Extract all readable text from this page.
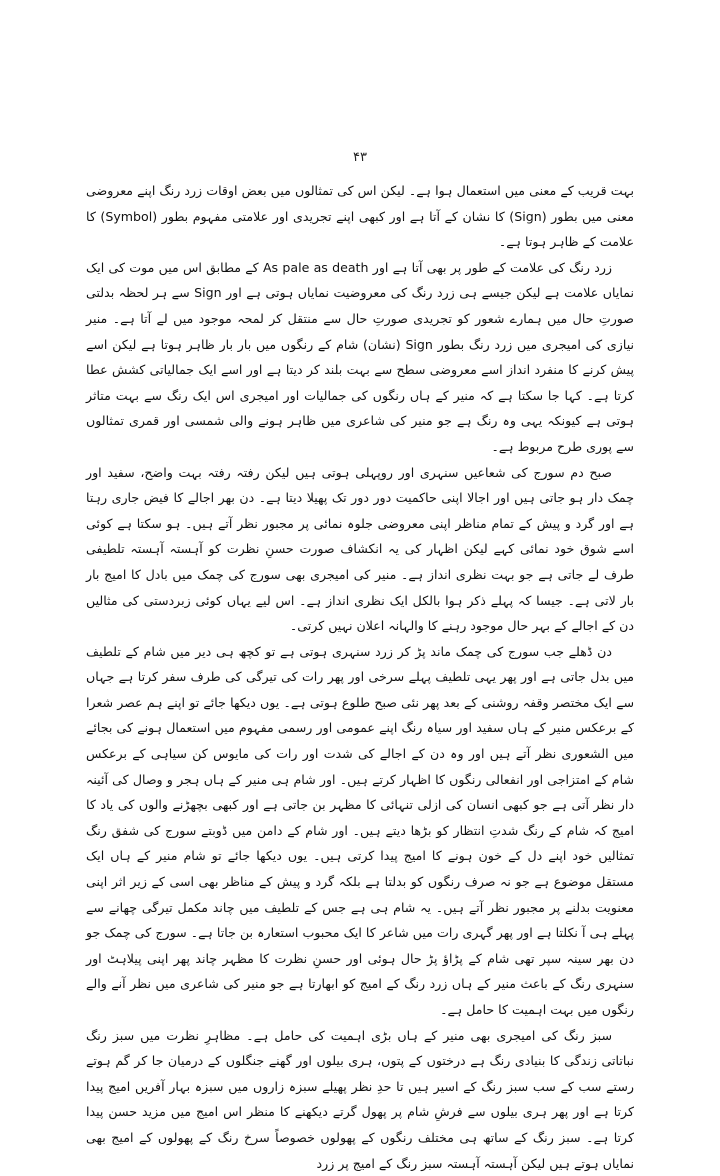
۴۳

بہت قریب کے معنی میں استعمال ہوا ہے۔ لیکن اس کی تمثالوں میں بعض اوقات زرد رنگ اپنے معروضی معنی میں بطور (Sign) کا نشان کے آتا ہے اور کبھی اپنے تجریدی اور علامتی مفہوم بطور (Symbol) کا علامت کے ظاہر ہوتا ہے۔

زرد رنگ کی علامت کے طور پر بھی آتا ہے اور As pale as death کے مطابق اس میں موت کی ایک نمایاں علامت ہے لیکن جیسے ہی زرد رنگ کی معروضیت نمایاں ہوتی ہے اور Sign سے ہر لحظہ بدلتی صورتِ حال میں ہمارے شعور کو تجریدی صورتِ حال سے منتقل کر لمحہ موجود میں لے آتا ہے۔ منیر نیازی کی امیجری میں زرد رنگ بطور Sign (نشان) شام کے رنگوں میں بار بار ظاہر ہوتا ہے لیکن اسے پیش کرنے کا منفرد انداز اسے معروضی سطح سے بہت بلند کر دیتا ہے اور اسے ایک جمالیاتی کشش عطا کرتا ہے۔ کہا جا سکتا ہے کہ منیر کے ہاں رنگوں کی جمالیات اور امیجری اس ایک رنگ سے بہت متاثر ہوتی ہے کیونکہ یہی وہ رنگ ہے جو منیر کی شاعری میں ظاہر ہونے والی شمسی اور قمری تمثالوں سے پوری طرح مربوط ہے۔

صبح دم سورج کی شعاعیں سنہری اور روپہلی ہوتی ہیں لیکن رفتہ رفتہ بہت واضح، سفید اور چمک دار ہو جاتی ہیں اور اجالا اپنی حاکمیت دور دور تک پھیلا دیتا ہے۔ دن بھر اجالے کا فیض جاری رہتا ہے اور گرد و پیش کے تمام مناظر اپنی معروضی جلوہ نمائی پر مجبور نظر آتے ہیں۔ ہو سکتا ہے کوئی اسے شوق خود نمائی کہے لیکن اظہار کی یہ انکشاف صورت حسنِ نظرت کو آہستہ آہستہ تلطیفی طرف لے جاتی ہے جو بہت نظری انداز ہے۔ منیر کی امیجری بھی سورج کی چمک میں بادل کا امیج بار بار لاتی ہے۔ جیسا کہ پہلے ذکر ہوا بالکل ایک نظری انداز ہے۔ اس لیے یہاں کوئی زبردستی کی مثالیں دن کے اجالے کے بہر حال موجود رہنے کا والہانہ اعلان نہیں کرتی۔

دن ڈھلے جب سورج کی چمک ماند پڑ کر زرد سنہری ہوتی ہے تو کچھ ہی دیر میں شام کے تلطیف میں بدل جاتی ہے اور پھر یہی تلطیف پہلے سرخی اور پھر رات کی تیرگی کی طرف سفر کرتا ہے جہاں سے ایک مختصر وقفہ روشنی کے بعد پھر نئی صبح طلوع ہوتی ہے۔ یوں دیکھا جائے تو اپنے ہم عصر شعرا کے برعکس منیر کے ہاں سفید اور سیاہ رنگ اپنے عمومی اور رسمی مفہوم میں استعمال ہونے کی بجائے میں الشعوری نظر آتے ہیں اور وہ دن کے اجالے کی شدت اور رات کی مایوس کن سیاہی کے برعکس شام کے امتزاجی اور انفعالی رنگوں کا اظہار کرتے ہیں۔ اور شام ہی منیر کے ہاں ہجر و وصال کی آئینہ دار نظر آتی ہے جو کبھی انسان کی ازلی تنہائی کا مظہر بن جاتی ہے اور کبھی بچھڑنے والوں کی یاد کا امیج کہ شام کے رنگ شدتِ انتظار کو بڑھا دیتے ہیں۔ اور شام کے دامن میں ڈوبتے سورج کی شفق رنگ تمثالیں خود اپنے دل کے خون ہونے کا امیج پیدا کرتی ہیں۔ یوں دیکھا جائے تو شام منیر کے ہاں ایک مستقل موضوع ہے جو نہ صرف رنگوں کو بدلتا ہے بلکہ گرد و پیش کے مناظر بھی اسی کے زیر اثر اپنی معنویت بدلنے پر مجبور نظر آتے ہیں۔ یہ شام ہی ہے جس کے تلطیف میں چاند مکمل تیرگی چھانے سے پہلے ہی آ نکلتا ہے اور پھر گہری رات میں شاعر کا ایک محبوب استعارہ بن جاتا ہے۔ سورج کی چمک جو دن بھر سینہ سپر تھی شام کے پڑاؤ پڑ حال ہوئی اور حسنِ نظرت کا مظہر چاند پھر اپنی پیلاہٹ اور سنہری رنگ کے باعث منیر کے ہاں زرد رنگ کے امیج کو ابھارتا ہے جو منیر کی شاعری میں نظر آنے والے رنگوں میں بہت اہمیت کا حامل ہے۔

سبز رنگ کی امیجری بھی منیر کے ہاں بڑی اہمیت کی حامل ہے۔ مظاہرِ نظرت میں سبز رنگ نباتاتی زندگی کا بنیادی رنگ ہے درختوں کے پتوں، ہری بیلوں اور گھنے جنگلوں کے درمیان جا کر گم ہوتے رستے سب کے سب سبز رنگ کے اسیر ہیں تا حدِ نظر پھیلے سبزہ زاروں میں سبزہ بہار آفریں امیج پیدا کرتا ہے اور پھر ہری بیلوں سے فرشِ شام پر پھول گرتے دیکھنے کا منظر اس امیج میں مزید حسن پیدا کرتا ہے۔ سبز رنگ کے ساتھ ہی مختلف رنگوں کے پھولوں خصوصاً سرخ رنگ کے پھولوں کے امیج بھی نمایاں ہوتے ہیں لیکن آہستہ آہستہ سبز رنگ کے امیج پر زرد
